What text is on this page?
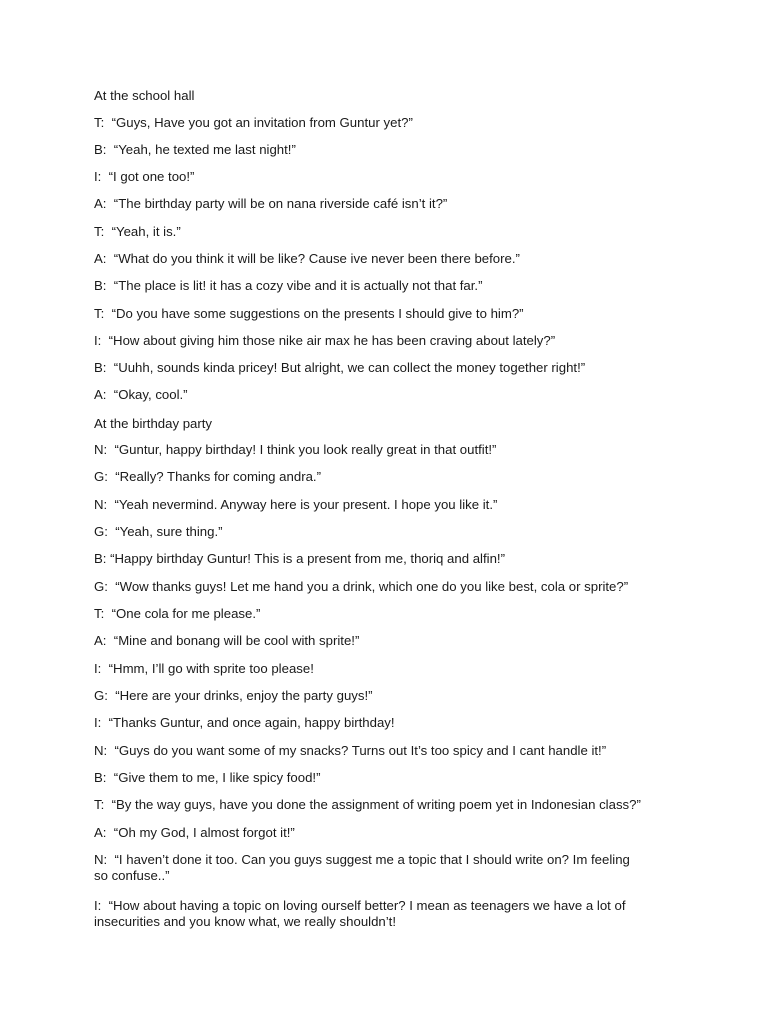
At the school hall
T: “Guys, Have you got an invitation from Guntur yet?”
B: “Yeah, he texted me last night!”
I: “I got one too!”
A: “The birthday party will be on nana riverside café isn’t it?”
T: “Yeah, it is.”
A: “What do you think it will be like? Cause ive never been there before.”
B: “The place is lit! it has a cozy vibe and it is actually not that far.”
T: “Do you have some suggestions on the presents I should give to him?”
I: “How about giving him those nike air max he has been craving about lately?”
B: “Uuhh, sounds kinda pricey! But alright, we can collect the money together right!”
A: “Okay, cool.”
At the birthday party
N: “Guntur, happy birthday! I think you look really great in that outfit!”
G: “Really? Thanks for coming andra.”
N: “Yeah nevermind. Anyway here is your present. I hope you like it.”
G: “Yeah, sure thing.”
B: “Happy birthday Guntur! This is a present from me, thoriq and alfin!”
G: “Wow thanks guys! Let me hand you a drink, which one do you like best, cola or sprite?”
T: “One cola for me please.”
A: “Mine and bonang will be cool with sprite!”
I: “Hmm, I’ll go with sprite too please!
G: “Here are your drinks, enjoy the party guys!”
I: “Thanks Guntur, and once again, happy birthday!
N: “Guys do you want some of my snacks? Turns out It’s too spicy and I cant handle it!”
B: “Give them to me, I like spicy food!”
T: “By the way guys, have you done the assignment of writing poem yet in Indonesian class?”
A: “Oh my God, I almost forgot it!”
N: “I haven’t done it too. Can you guys suggest me a topic that I should write on? Im feeling so confuse..”
I: “How about having a topic on loving ourself better? I mean as teenagers we have a lot of insecurities and you know what, we really shouldn’t!
